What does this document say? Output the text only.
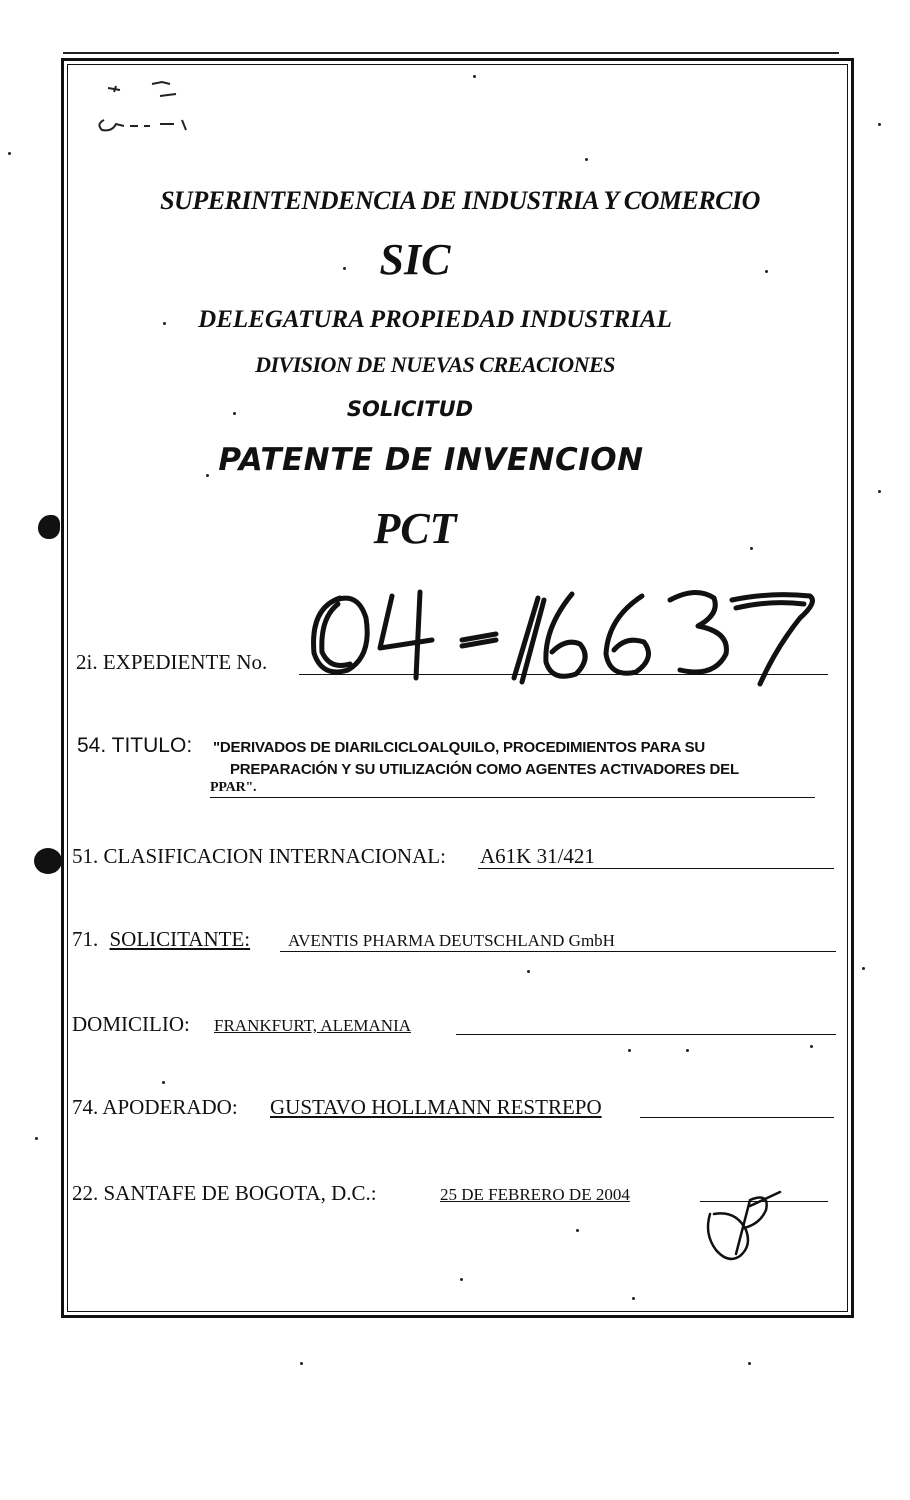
SUPERINTENDENCIA DE INDUSTRIA Y COMERCIO
SIC
DELEGATURA PROPIEDAD INDUSTRIAL
DIVISION DE NUEVAS CREACIONES
SOLICITUD
PATENTE DE INVENCION
PCT
2i. EXPEDIENTE No.
54. TITULO: "DERIVADOS DE DIARILCICLOALQUILO, PROCEDIMIENTOS PARA SU
PREPARACIÓN Y SU UTILIZACIÓN COMO AGENTES ACTIVADORES DEL
PPAR".
51. CLASIFICACION INTERNACIONAL: A61K 31/421
71. SOLICITANTE: AVENTIS PHARMA DEUTSCHLAND GmbH
DOMICILIO: FRANKFURT, ALEMANIA
74. APODERADO: GUSTAVO HOLLMANN RESTREPO
22. SANTAFE DE BOGOTA, D.C.:	25 DE FEBRERO DE 2004
